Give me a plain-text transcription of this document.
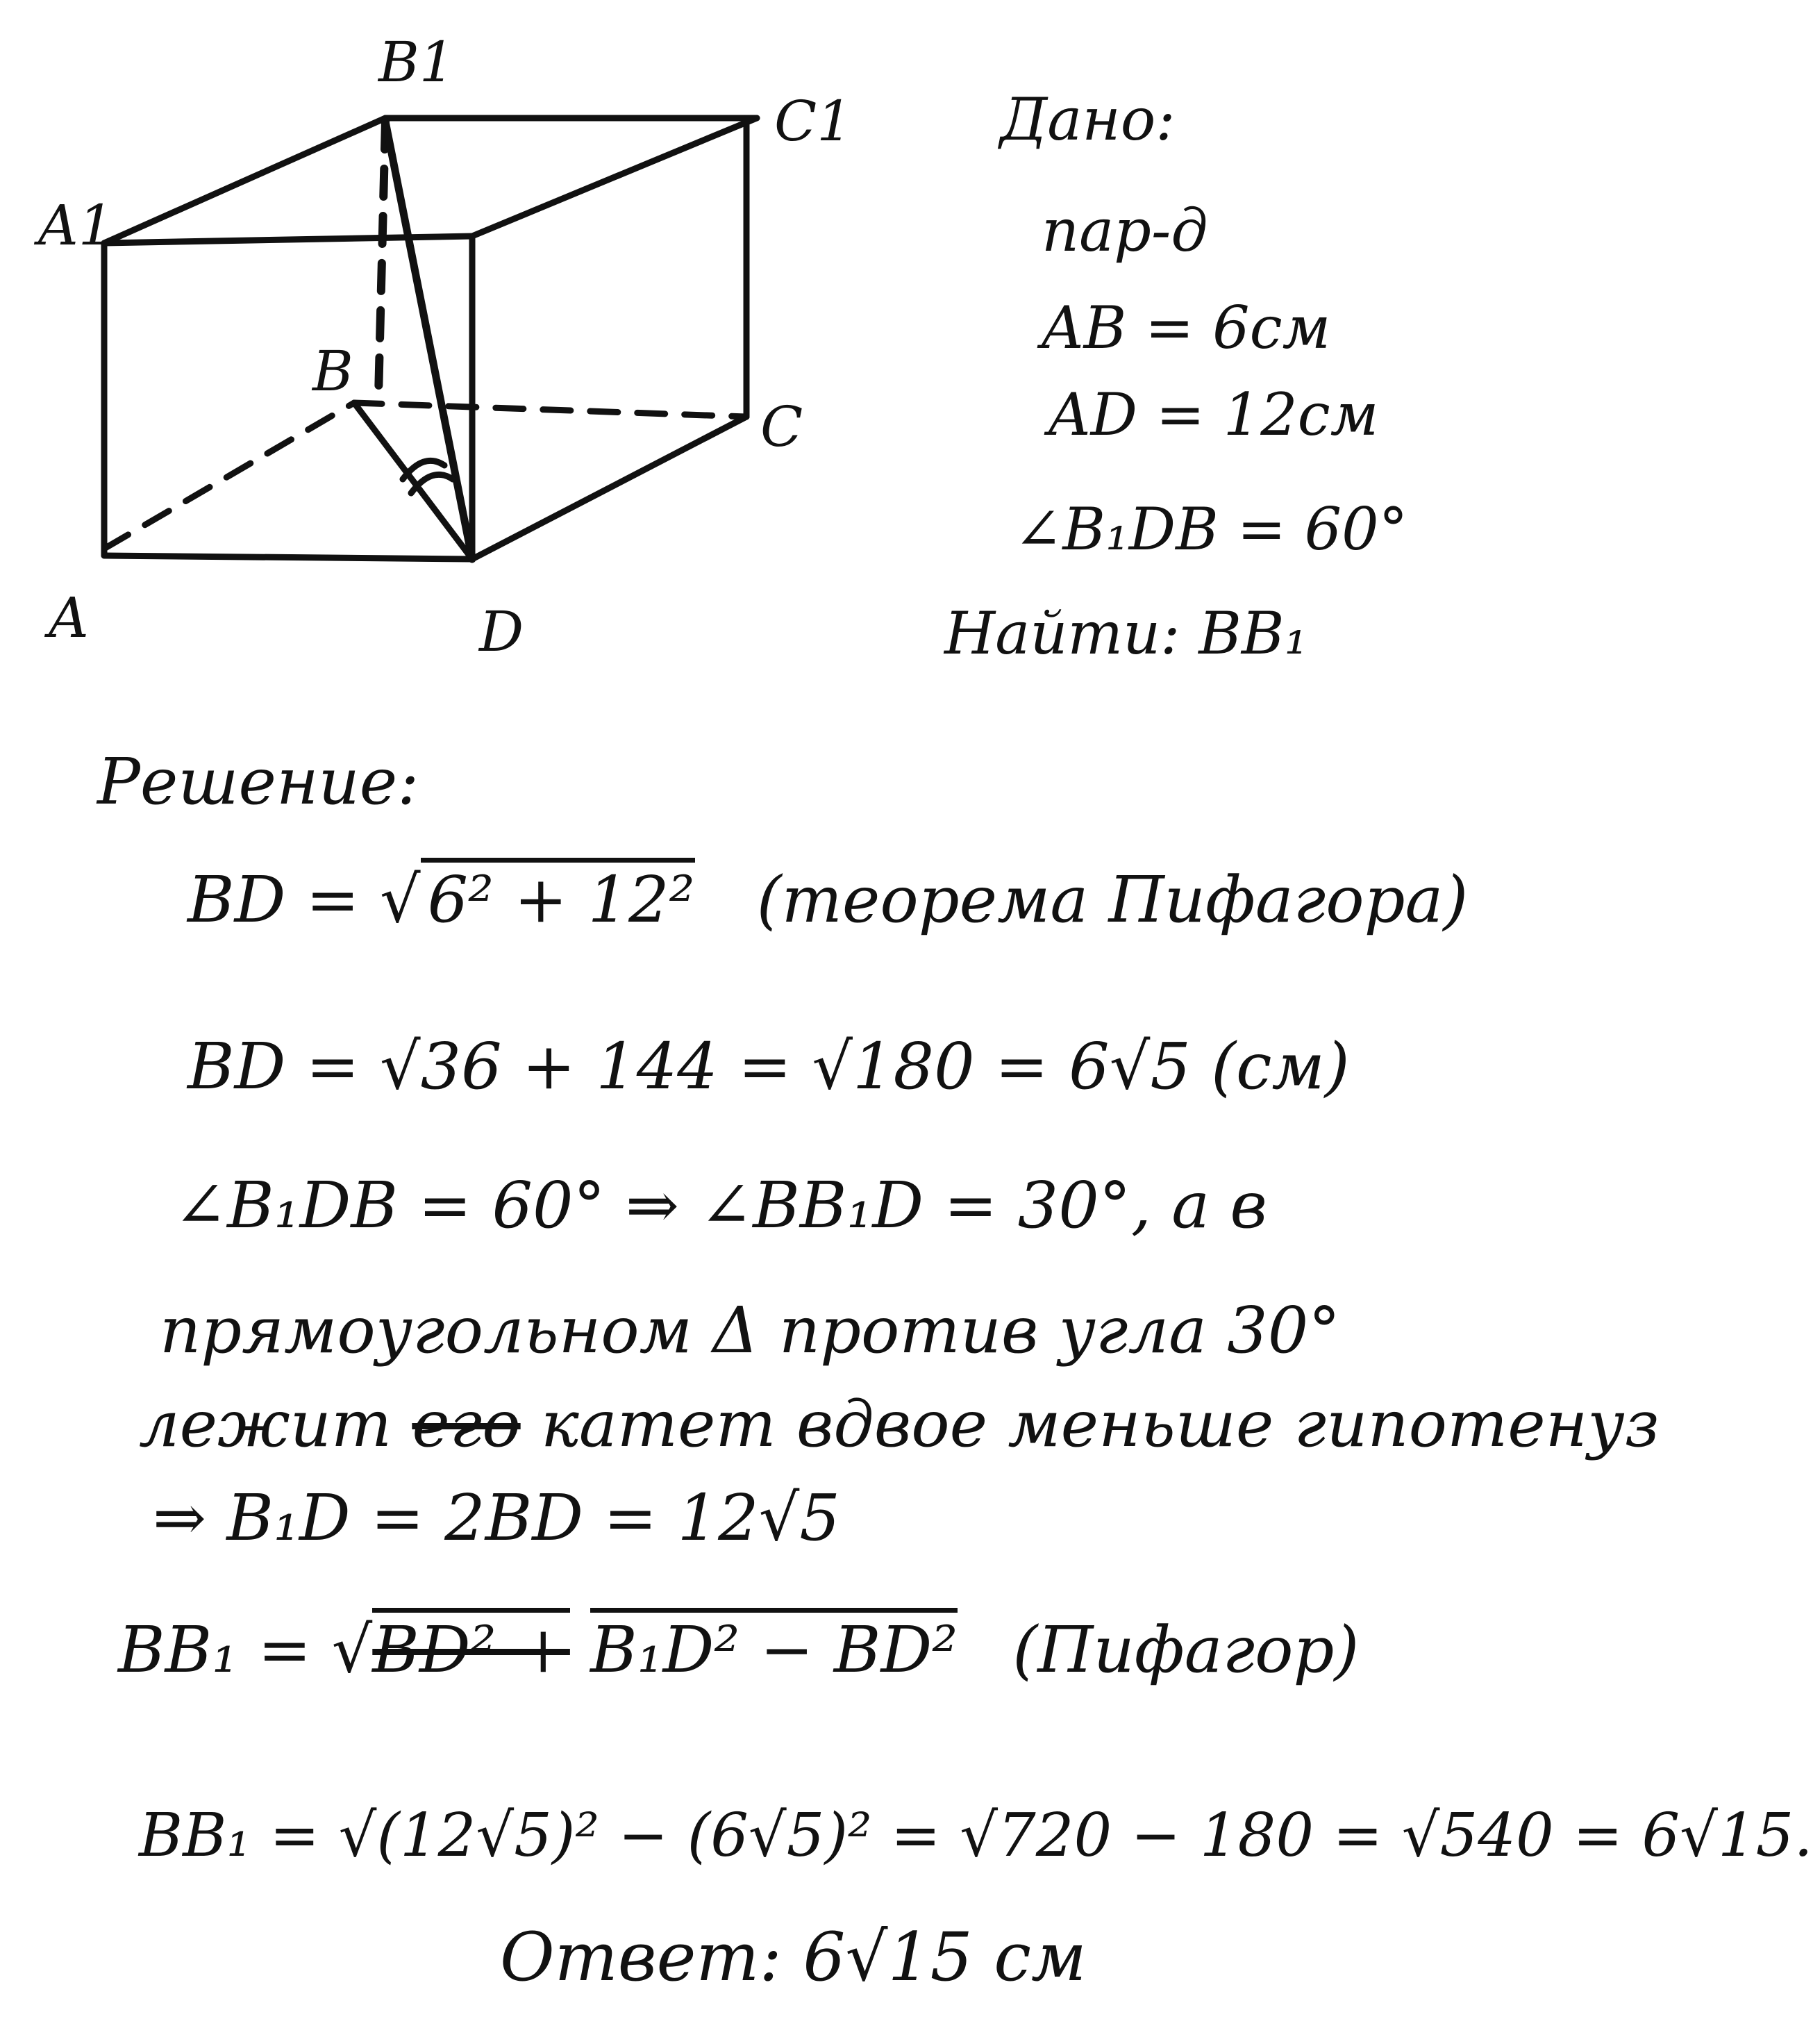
A
A1
B
B1
C
C1
D
Дано:
пар-д
AB = 6см
AD = 12см
∠B₁DB = 60°
Найти: BB₁
Решение:
BD = √ 6² + 12² (теорема Пифагора)
BD = √36 + 144 = √180 = 6√5 (см)
∠B₁DB = 60° ⇒ ∠BB₁D = 30°, а в
прямоугольном Δ против угла 30°
лежит его катет вдвое меньше гипотенуз
⇒ B₁D = 2BD = 12√5
BB₁ = √BD² + B₁D² − BD² (Пифагор)
BB₁ = √(12√5)² − (6√5)² = √720 − 180 = √540 = 6√15.
Ответ: 6√15 см
